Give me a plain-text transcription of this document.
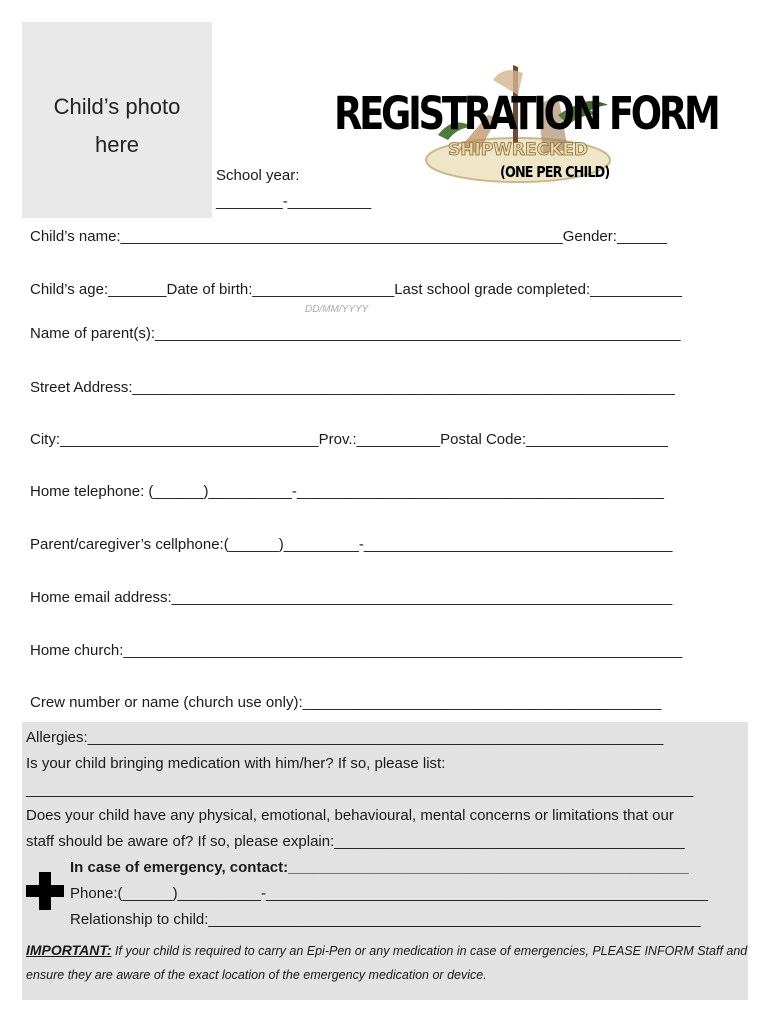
Child’s photo
here
School year:
________-__________
SHIPWRECKED
REGISTRATION FORM
(ONE PER CHILD)
Child’s name:_____________________________________________________Gender:______
Child’s age:_______Date of birth:_________________Last school grade completed:___________
DD/MM/YYYY
Name of parent(s):_______________________________________________________________
Street Address:_________________________________________________________________
City:_______________________________Prov.:__________Postal Code:_________________
Home telephone: (______)__________-____________________________________________
Parent/caregiver’s cellphone:(______)_________-_____________________________________
Home email address:____________________________________________________________
Home church:___________________________________________________________________
Crew number or name (church use only):___________________________________________
Allergies:_____________________________________________________________________
Is your child bringing medication with him/her? If so, please list:
________________________________________________________________________________
Does your child have any physical, emotional, behavioural, mental concerns or limitations that our
staff should be aware of? If so, please explain:__________________________________________
In case of emergency, contact:________________________________________________
Phone:(______)__________-_____________________________________________________
Relationship to child:___________________________________________________________
IMPORTANT: If your child is required to carry an Epi-Pen or any medication in case of emergencies, PLEASE INFORM Staff and ensure they are aware of the exact location of the emergency medication or device.
